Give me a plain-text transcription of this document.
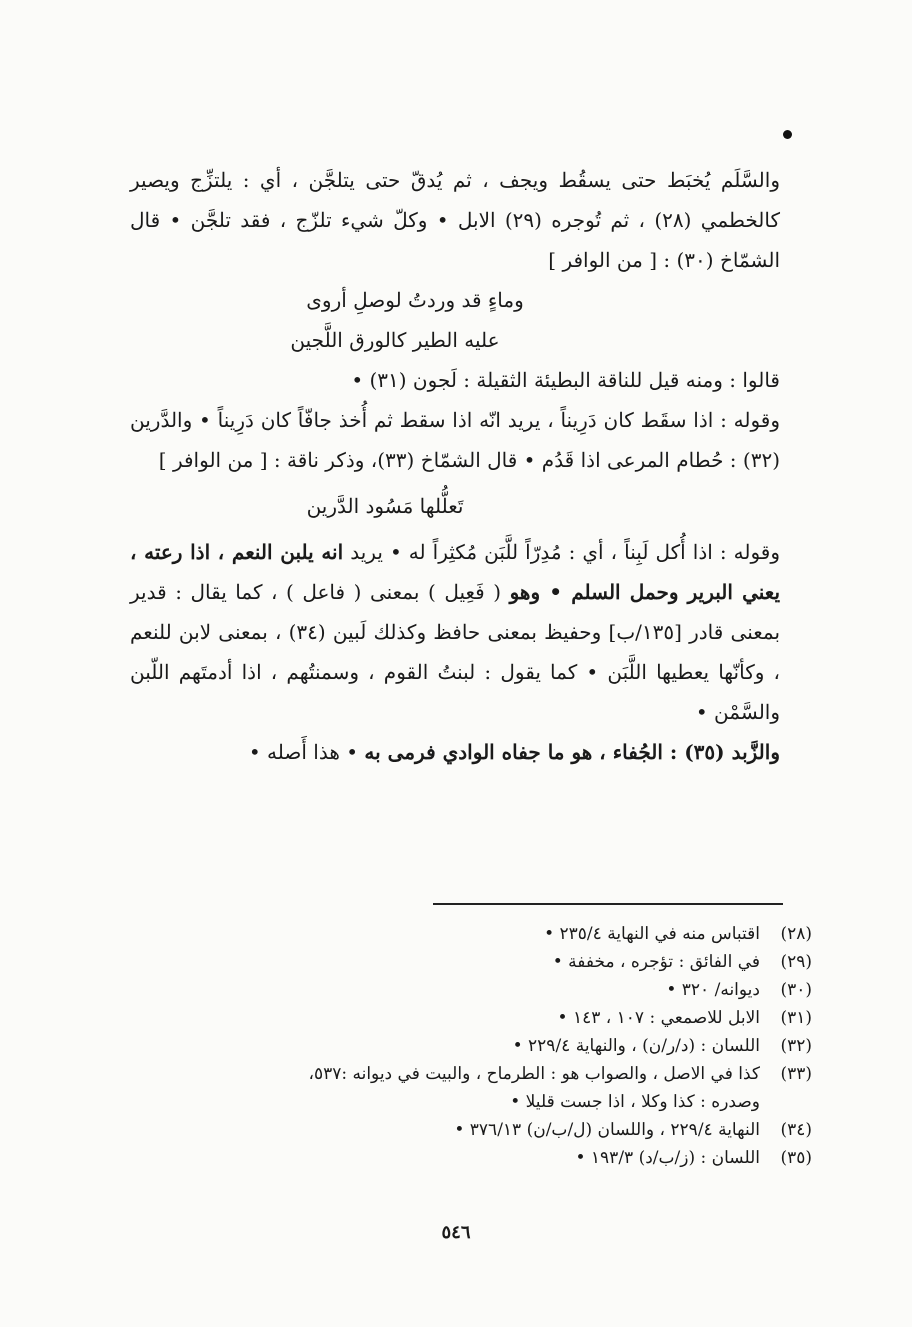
والسَّلَم يُخبَط حتى يسقُط ويجف ، ثم يُدقّ حتى يتلجَّن ، أي : يلتزِّج ويصير كالخطمي (٢٨) ، ثم تُوجره (٢٩) الابل • وكلّ شيء تلزّج ، فقد تلجَّن • قال الشمّاخ (٣٠) : [ من الوافر ]

وماءٍ قد وردتُ لوصلِ أروى
عليه الطير كالورق اللَّجين

قالوا : ومنه قيل للناقة البطيئة الثقيلة : لَجون (٣١) •

وقوله : اذا سقَط كان دَرِيناً ، يريد انّه اذا سقط ثم أُخذ جافّاً كان دَرِيناً • والدَّرين (٣٢) : حُطام المرعى اذا قَدُم • قال الشمّاخ (٣٣)، وذكر ناقة : [ من الوافر ]

تَعلُّلها مَسُود الدَّرين

وقوله : اذا أُكل لَبِناً ، أي : مُدِرّاً للَّبَن مُكثِراً له • يريد انه يلبن النعم ، اذا رعته ، يعني البرير وحمل السلم • وهو ( فَعِيل ) بمعنى ( فاعل ) ، كما يقال : قدير بمعنى قادر [١٣٥/ب] وحفيظ بمعنى حافظ وكذلك لَبين (٣٤) ، بمعنى لابن للنعم ، وكأنّها يعطيها اللَّبَن • كما يقول : لبنتُ القوم ، وسمنتُهم ، اذا أدمتَهم اللّبن والسَّمْن •

والزَّبد (٣٥) : الجُفاء ، هو ما جفاه الوادي فرمى به • هذا أَصله •

(٢٨)
اقتباس منه في النهاية ٢٣٥/٤ •
(٢٩)
في الفائق : تؤجره ، مخففة •
(٣٠)
ديوانه/ ٣٢٠ •
(٣١)
الابل للاصمعي : ١٠٧ ، ١٤٣ •
(٣٢)
اللسان : (د/ر/ن) ، والنهاية ٢٢٩/٤ •
(٣٣)
كذا في الاصل ، والصواب هو : الطرماح ، والبيت في ديوانه :٥٣٧،
وصدره : كذا وكلا ، اذا جست قليلا •
(٣٤)
النهاية ٢٢٩/٤ ، واللسان (ل/ب/ن) ٣٧٦/١٣ •
(٣٥)
اللسان : (ز/ب/د) ١٩٣/٣ •
٥٤٦
